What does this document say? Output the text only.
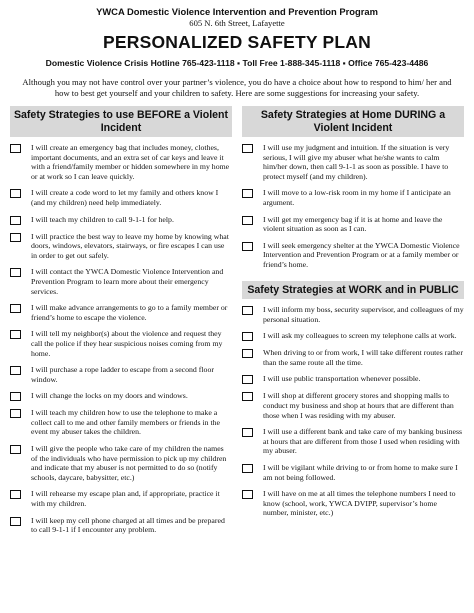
YWCA Domestic Violence Intervention and Prevention Program
605 N. 6th Street, Lafayette
PERSONALIZED SAFETY PLAN
Domestic Violence Crisis Hotline 765-423-1118 ▪ Toll Free 1-888-345-1118 ▪ Office 765-423-4486
Although you may not have control over your partner’s violence, you do have a choice about how to respond to him/ her and how to best get yourself and your children to safety. Here are some suggestions for increasing your safety.
Safety Strategies to use BEFORE a Violent Incident
I will create an emergency bag that includes money, clothes, important documents, and an extra set of car keys and leave it with a friend/family member or hidden somewhere in my home or at work so I can leave quickly.
I will create a code word to let my family and others know I (and my children) need help immediately.
I will teach my children to call 9-1-1 for help.
I will practice the best way to leave my home by knowing what doors, windows, elevators, stairways, or fire escapes I can use in order to get out safely.
I will contact the YWCA Domestic Violence Intervention and Prevention Program to learn more about their emergency services.
I will make advance arrangements to go to a family member or friend’s home to escape the violence.
I will tell my neighbor(s) about the violence and request they call the police if they hear suspicious noises coming from my home.
I will purchase a rope ladder to escape from a second floor window.
I will change the locks on my doors and windows.
I will teach my children how to use the telephone to make a collect call to me and other family members or friends in the event my abuser takes the children.
I will give the people who take care of my children the names of the individuals who have permission to pick up my children and indicate that my abuser is not permitted to do so (notify schools, daycare, babysitter, etc.)
I will rehearse my escape plan and, if appropriate, practice it with my children.
I will keep my cell phone charged at all times and be prepared to call 9-1-1 if I encounter any problem.
Safety Strategies at Home DURING a Violent Incident
I will use my judgment and intuition. If the situation is very serious, I will give my abuser what he/she wants to calm him/her down, then call 9-1-1 as soon as possible. I have to protect myself (and my children).
I will move to a low-risk room in my home if I anticipate an argument.
I will get my emergency bag if it is at home and leave the violent situation as soon as I can.
I will seek emergency shelter at the YWCA Domestic Violence Intervention and Prevention Program or at a family member or friend’s home.
Safety Strategies at WORK and in PUBLIC
I will inform my boss, security supervisor, and colleagues of my personal situation.
I will ask my colleagues to screen my telephone calls at work.
When driving to or from work, I will take different routes rather than the same route all the time.
I will use public transportation whenever possible.
I will shop at different grocery stores and shopping malls to conduct my business and shop at hours that are different than those when I was residing with my abuser.
I will use a different bank and take care of my banking business at hours that are different from those I used when residing with my abuser.
I will be vigilant while driving to or from home to make sure I am not being followed.
I will have on me at all times the telephone numbers I need to know (school, work, YWCA DVIPP, supervisor’s home number, minister, etc.)
